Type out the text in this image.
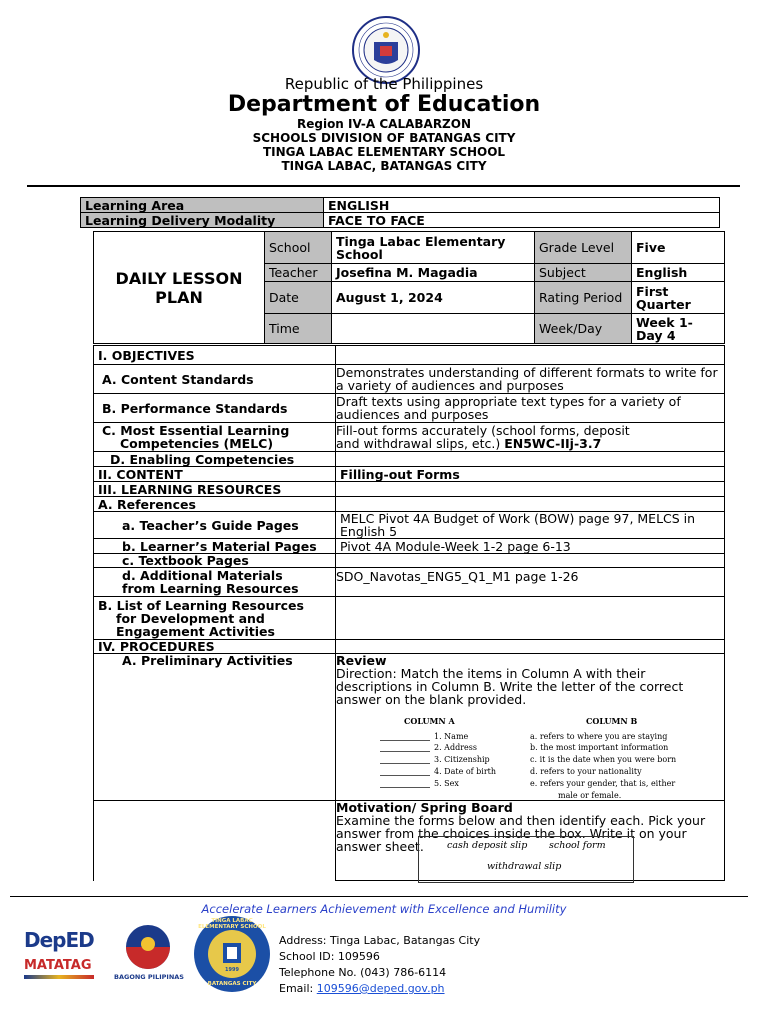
Republic of the Philippines
Department of Education
Region IV-A CALABARZON
SCHOOLS DIVISION OF BATANGAS CITY
TINGA LABAC ELEMENTARY SCHOOL
TINGA LABAC, BATANGAS CITY
Learning Area	ENGLISH
Learning Delivery Modality	FACE TO FACE
DAILY LESSON
PLAN	School	Tinga Labac Elementary School	Grade Level	Five
	Teacher	Josefina M. Magadia	Subject	English
	Date	August 1, 2024	Rating Period	First Quarter
	Time		Week/Day	Week 1- Day 4
I. OBJECTIVES	
A. Content Standards	Demonstrates understanding of different formats to write for a variety of audiences and purposes
B. Performance Standards	Draft texts using appropriate text types for a variety of audiences and purposes
C. Most Essential Learning
Competencies (MELC)	Fill-out forms accurately (school forms, deposit
and withdrawal slips, etc.) EN5WC-IIj-3.7
D. Enabling Competencies	
II. CONTENT	Filling-out Forms
III. LEARNING RESOURCES	
A. References	
a. Teacher’s Guide Pages	MELC Pivot 4A Budget of Work (BOW) page 97, MELCS in English 5
b. Learner’s Material Pages	Pivot 4A Module-Week 1-2 page 6-13
c. Textbook Pages	
d. Additional Materials
from Learning Resources	SDO_Navotas_ENG5_Q1_M1 page 1-26
B. List of Learning Resources
for Development and
Engagement Activities	
IV. PROCEDURES	
A. Preliminary Activities	Review
Direction: Match the items in Column A with their descriptions in Column B. Write the letter of the correct answer on the blank provided.

	Motivation/ Spring Board
Examine the forms below and then identify each. Pick your answer from the choices inside the box. Write it on your answer sheet.
COLUMN A	COLUMN B
1. Name	a. refers to where you are staying
2. Address	b. the most important information
3. Citizenship	c. it is the date when you were born
4. Date of birth	d. refers to your nationality
5. Sex	e. refers your gender, that is, either
male or female.
cash deposit slip school form
withdrawal slip
Accelerate Learners Achievement with Excellence and Humility
DepED
MATATAG
BAGONG PILIPINAS
TINGA LABAC ELEMENTARY SCHOOL
1999
BATANGAS CITY
Address: Tinga Labac, Batangas City
School ID: 109596
Telephone No. (043) 786-6114
Email: 109596@deped.gov.ph
